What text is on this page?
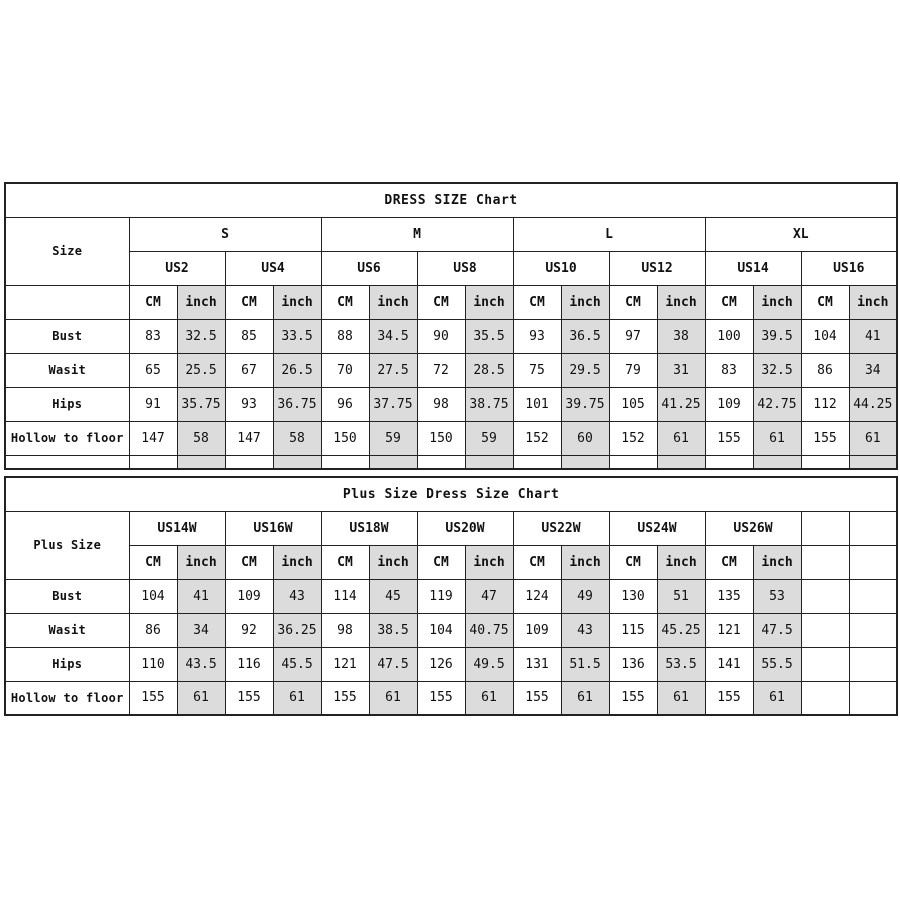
DRESS SIZE Chart																
Size	S				M				L				XL			
	US2		US4		US6		US8		US10		US12		US14		US16	
	CM	inch	CM	inch	CM	inch	CM	inch	CM	inch	CM	inch	CM	inch	CM	inch
Bust	83	32.5	85	33.5	88	34.5	90	35.5	93	36.5	97	38	100	39.5	104	41
Wasit	65	25.5	67	26.5	70	27.5	72	28.5	75	29.5	79	31	83	32.5	86	34
Hips	91	35.75	93	36.75	96	37.75	98	38.75	101	39.75	105	41.25	109	42.75	112	44.25
Hollow to floor	147	58	147	58	150	59	150	59	152	60	152	61	155	61	155	61

Plus Size Dress Size Chart																
Plus Size	US14W		US16W		US18W		US20W		US22W		US24W		US26W			
	CM	inch	CM	inch	CM	inch	CM	inch	CM	inch	CM	inch	CM	inch		
Bust	104	41	109	43	114	45	119	47	124	49	130	51	135	53		
Wasit	86	34	92	36.25	98	38.5	104	40.75	109	43	115	45.25	121	47.5		
Hips	110	43.5	116	45.5	121	47.5	126	49.5	131	51.5	136	53.5	141	55.5		
Hollow to floor	155	61	155	61	155	61	155	61	155	61	155	61	155	61		
